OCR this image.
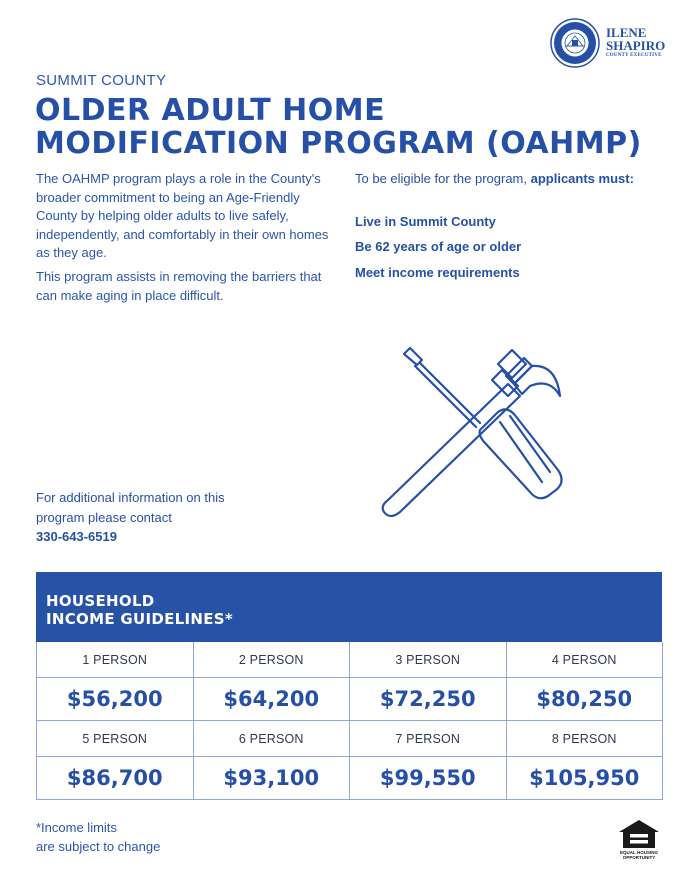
ILENE
SHAPIRO
COUNTY EXECUTIVE
SUMMIT COUNTY
OLDER ADULT HOME
MODIFICATION PROGRAM (OAHMP)
The OAHMP program plays a role in the County's broader commitment to being an Age-Friendly County by helping older adults to live safely, independently, and comfortably in their own homes as they age.
This program assists in removing the barriers that can make aging in place difficult.
To be eligible for the program, applicants must:
Live in Summit County
Be 62 years of age or older
Meet income requirements
For additional information on this
program please contact
330-643-6519
HOUSEHOLD
INCOME GUIDELINES*
1 PERSON	2 PERSON	3 PERSON	4 PERSON
$56,200	$64,200	$72,250	$80,250
5 PERSON	6 PERSON	7 PERSON	8 PERSON
$86,700	$93,100	$99,550	$105,950
*Income limits
are subject to change	EQUAL HOUSING
OPPORTUNITY
